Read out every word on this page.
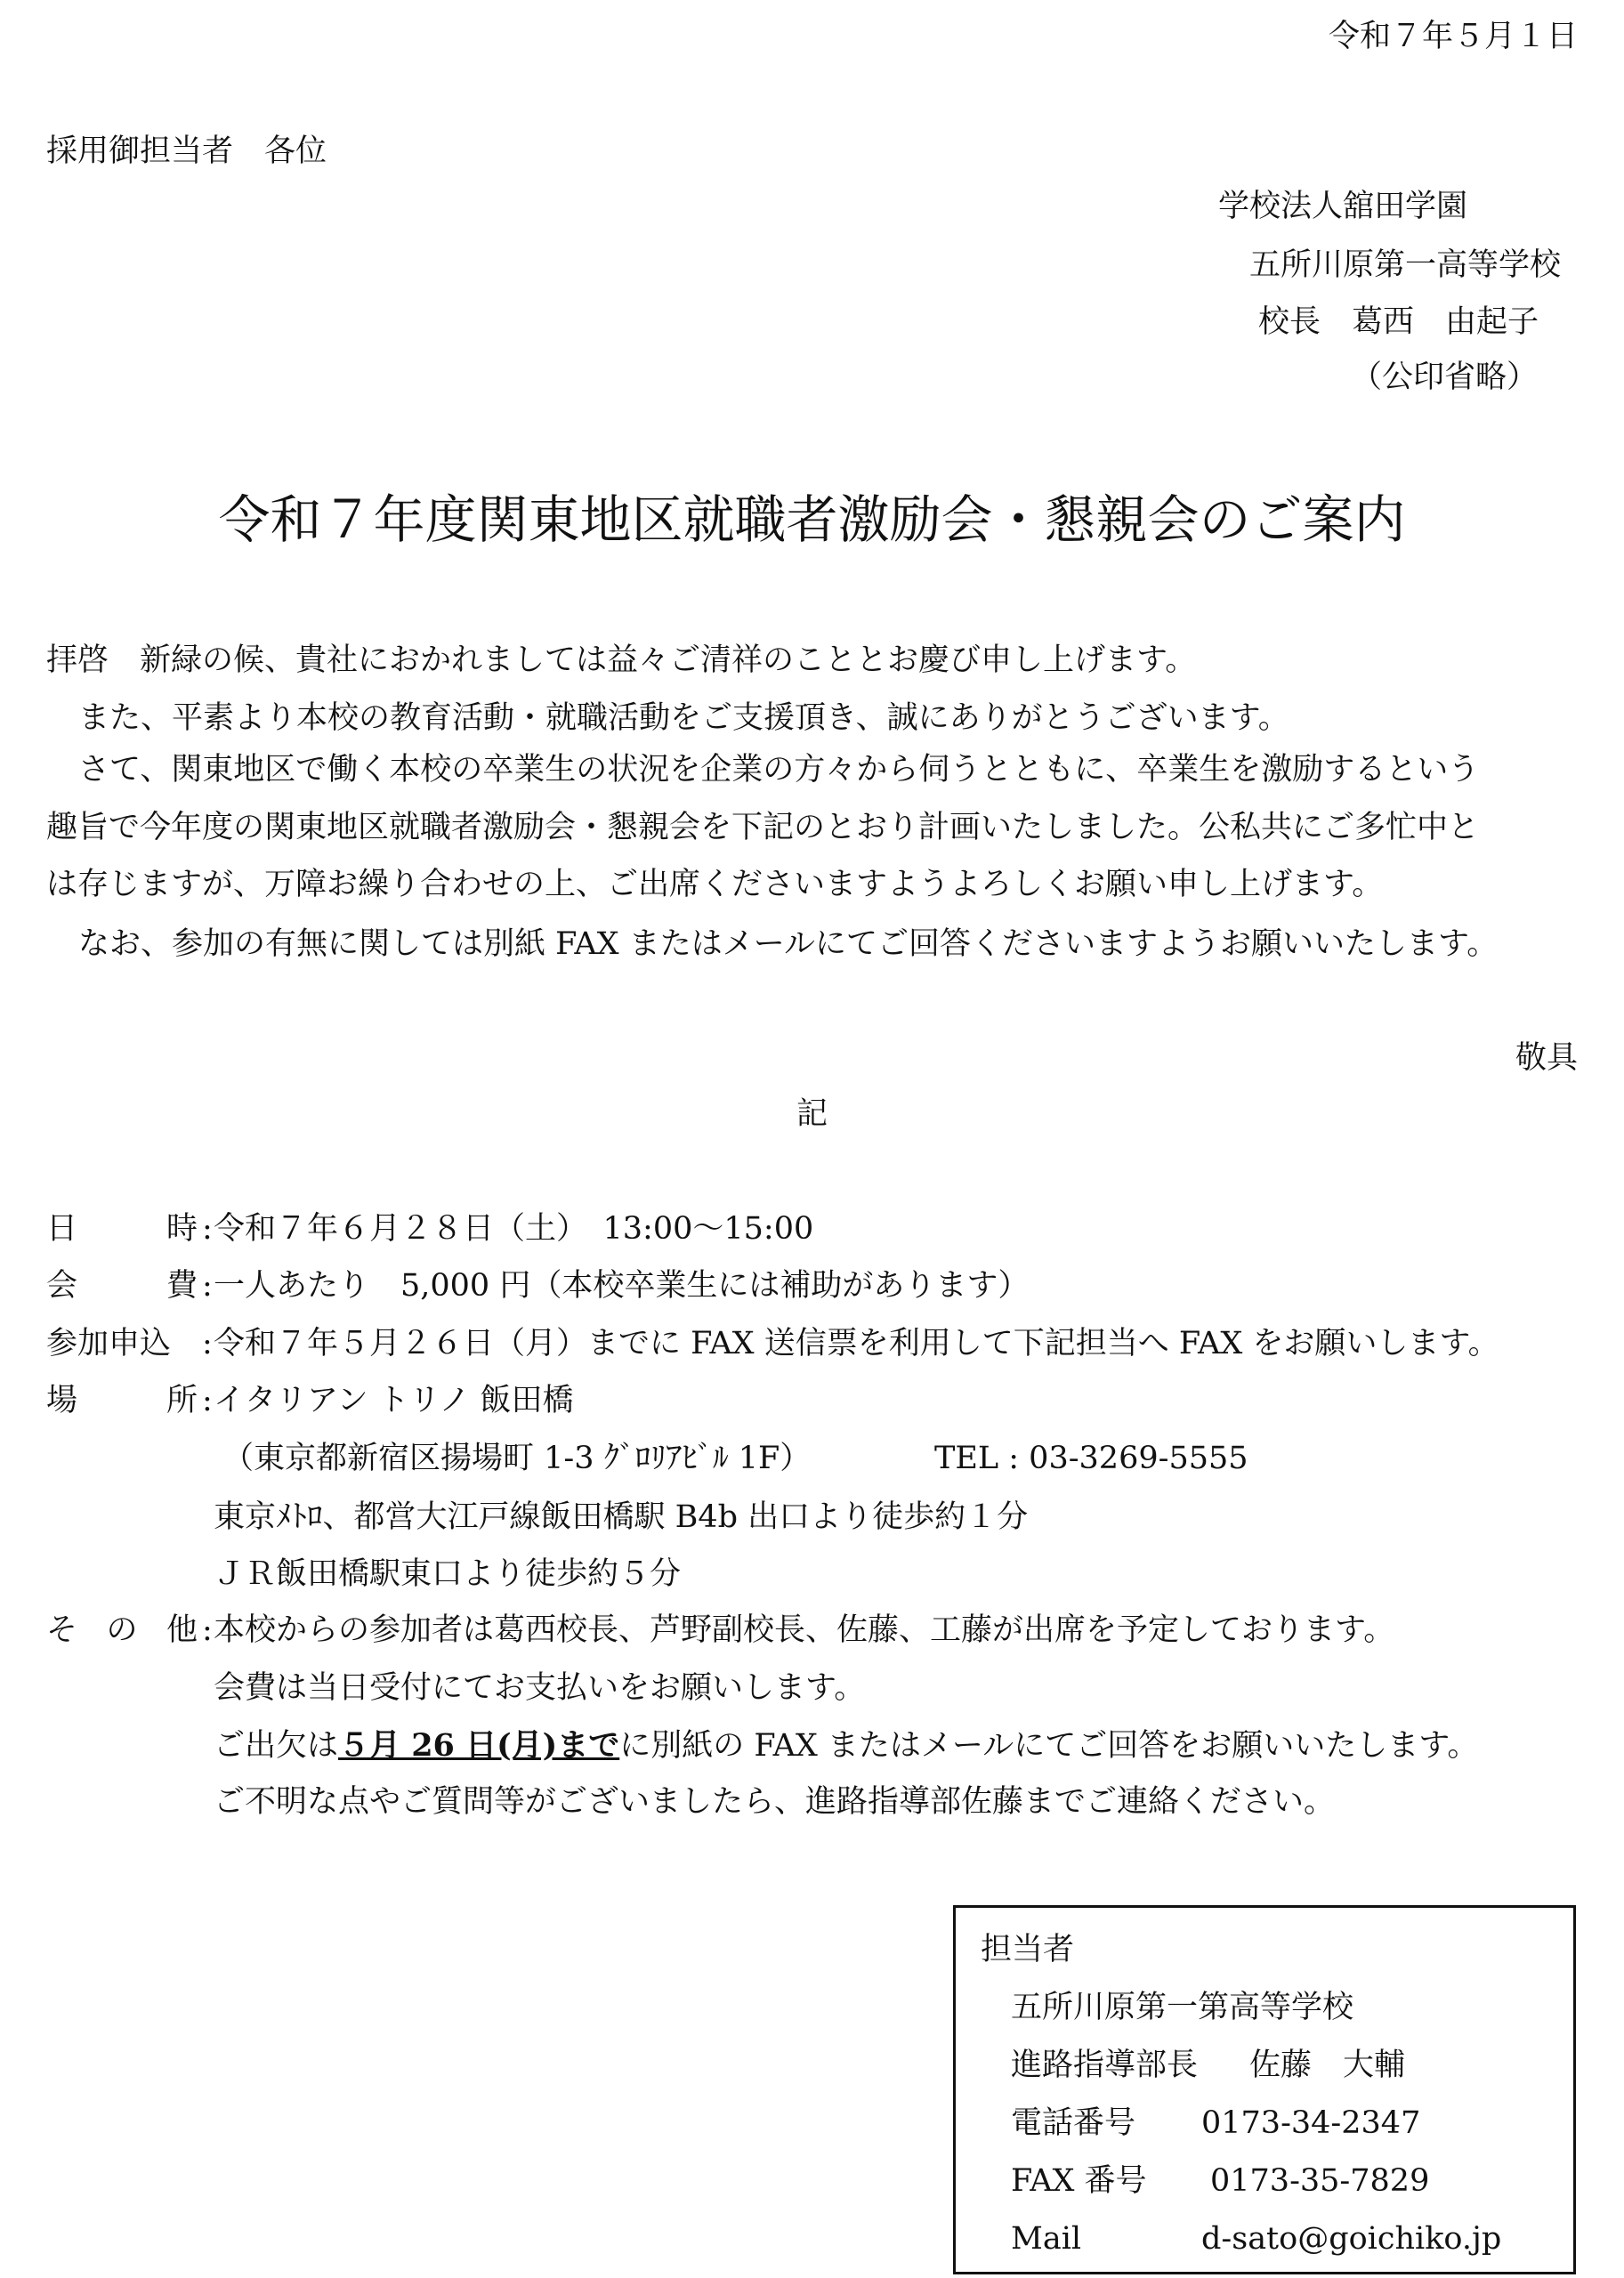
令和７年５月１日
採用御担当者　各位
学校法人舘田学園
五所川原第一高等学校
校長　葛西　由起子
（公印省略）
令和７年度関東地区就職者激励会・懇親会のご案内
拝啓　新緑の候、貴社におかれましては益々ご清祥のこととお慶び申し上げます。
また、平素より本校の教育活動・就職活動をご支援頂き、誠にありがとうございます。
さて、関東地区で働く本校の卒業生の状況を企業の方々から伺うとともに、卒業生を激励するという
趣旨で今年度の関東地区就職者激励会・懇親会を下記のとおり計画いたしました。公私共にご多忙中と
は存じますが、万障お繰り合わせの上、ご出席くださいますようよろしくお願い申し上げます。
なお、参加の有無に関しては別紙 FAX またはメールにてご回答くださいますようお願いいたします。
敬具
記
日	時 : 令和７年６月２８日（土）　13:00～15:00
会	費 : 一人あたり　5,000 円（本校卒業生には補助があります）
参加申込 : 令和７年５月２６日（月）までに FAX 送信票を利用して下記担当へ FAX をお願いします。
場	所 : イタリアン トリノ 飯田橋
（東京都新宿区揚場町 1-3 ｸﾞﾛﾘｱﾋﾞﾙ 1F）	TEL : 03-3269-5555
東京ﾒﾄﾛ、都営大江戸線飯田橋駅 B4b 出口より徒歩約１分
ＪＲ飯田橋駅東口より徒歩約５分
そ の 他 : 本校からの参加者は葛西校長、芦野副校長、佐藤、工藤が出席を予定しております。
会費は当日受付にてお支払いをお願いします。
ご出欠は５月 26 日(月)までに別紙の FAX またはメールにてご回答をお願いいたします。
ご不明な点やご質問等がございましたら、進路指導部佐藤までご連絡ください。
担当者
五所川原第一第高等学校
進路指導部長 佐藤　大輔
電話番号 0173-34-2347
FAX 番号 0173-35-7829
Mail	d-sato@goichiko.jp
